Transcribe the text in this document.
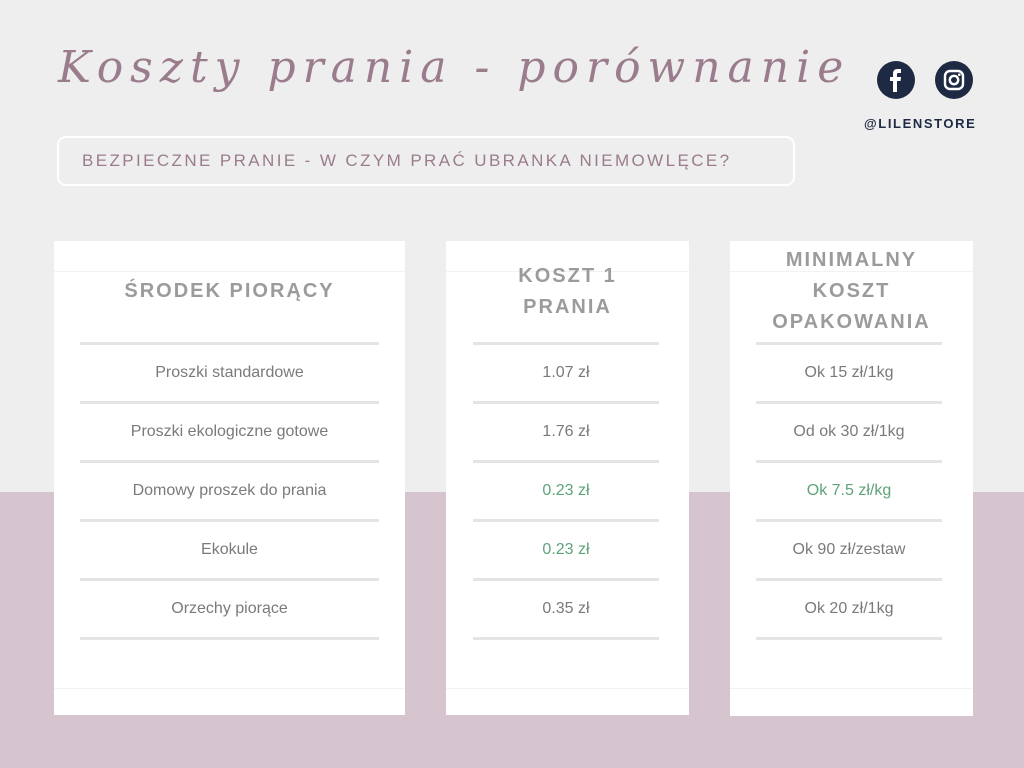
Koszty prania - porównanie
BEZPIECZNE PRANIE - W CZYM PRAĆ UBRANKA NIEMOWLĘCE?
@LILENSTORE
ŚRODEK PIORĄCY
Proszki standardowe
Proszki ekologiczne gotowe
Domowy proszek do prania
Ekokule
Orzechy piorące
KOSZT 1
PRANIA
1.07 zł
1.76 zł
0.23 zł
0.23 zł
0.35 zł
MINIMALNY
KOSZT
OPAKOWANIA
Ok 15 zł/1kg
Od ok 30 zł/1kg
Ok 7.5 zł/kg
Ok 90 zł/zestaw
Ok 20 zł/1kg
